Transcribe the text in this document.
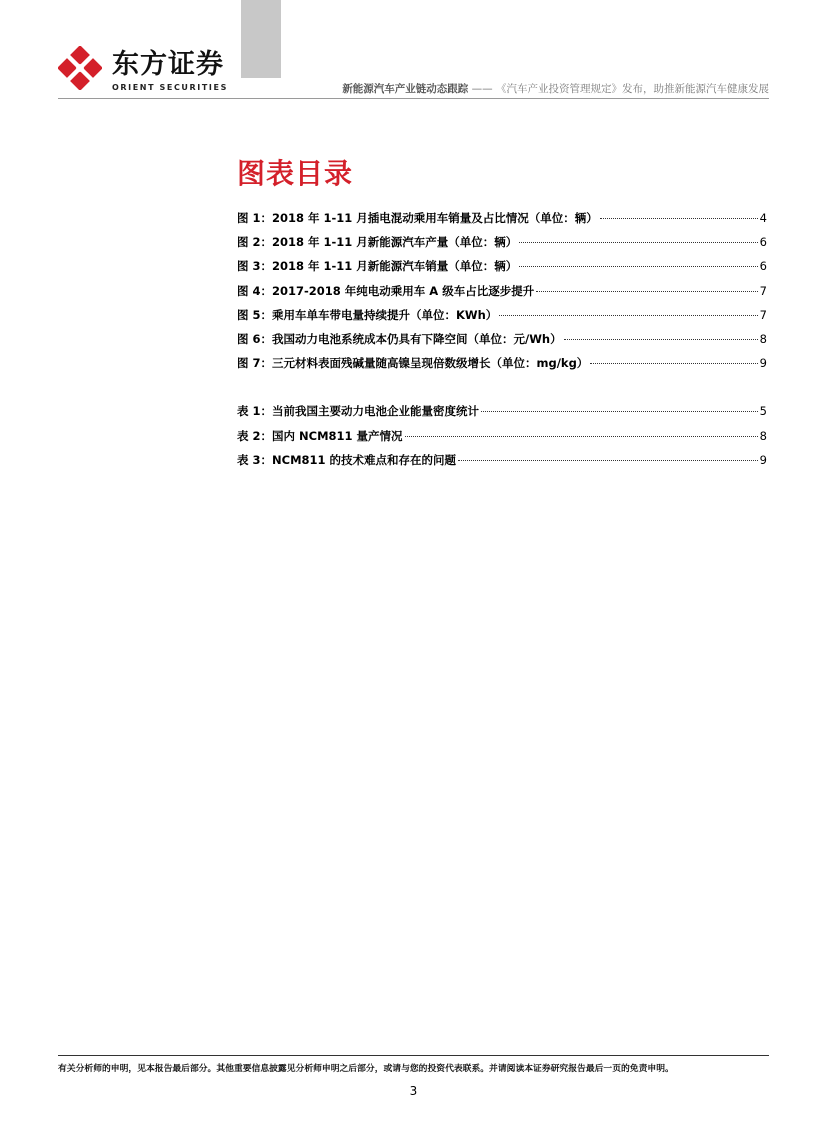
东方证券
ORIENT SECURITIES	新能源汽车产业链动态跟踪 —— 《汽车产业投资管理规定》发布，助推新能源汽车健康发展
图表目录
图 1：2018 年 1-11 月插电混动乘用车销量及占比情况（单位：辆）	4
图 2：2018 年 1-11 月新能源汽车产量（单位：辆）	6
图 3：2018 年 1-11 月新能源汽车销量（单位：辆）	6
图 4：2017-2018 年纯电动乘用车 A 级车占比逐步提升	7
图 5：乘用车单车带电量持续提升（单位：KWh）	7
图 6：我国动力电池系统成本仍具有下降空间（单位：元/Wh）	8
图 7：三元材料表面残碱量随高镍呈现倍数级增长（单位：mg/kg）	9
表 1：当前我国主要动力电池企业能量密度统计	5
表 2：国内 NCM811 量产情况	8
表 3：NCM811 的技术难点和存在的问题	9
有关分析师的申明，见本报告最后部分。其他重要信息披露见分析师申明之后部分，或请与您的投资代表联系。并请阅读本证券研究报告最后一页的免责申明。
3
